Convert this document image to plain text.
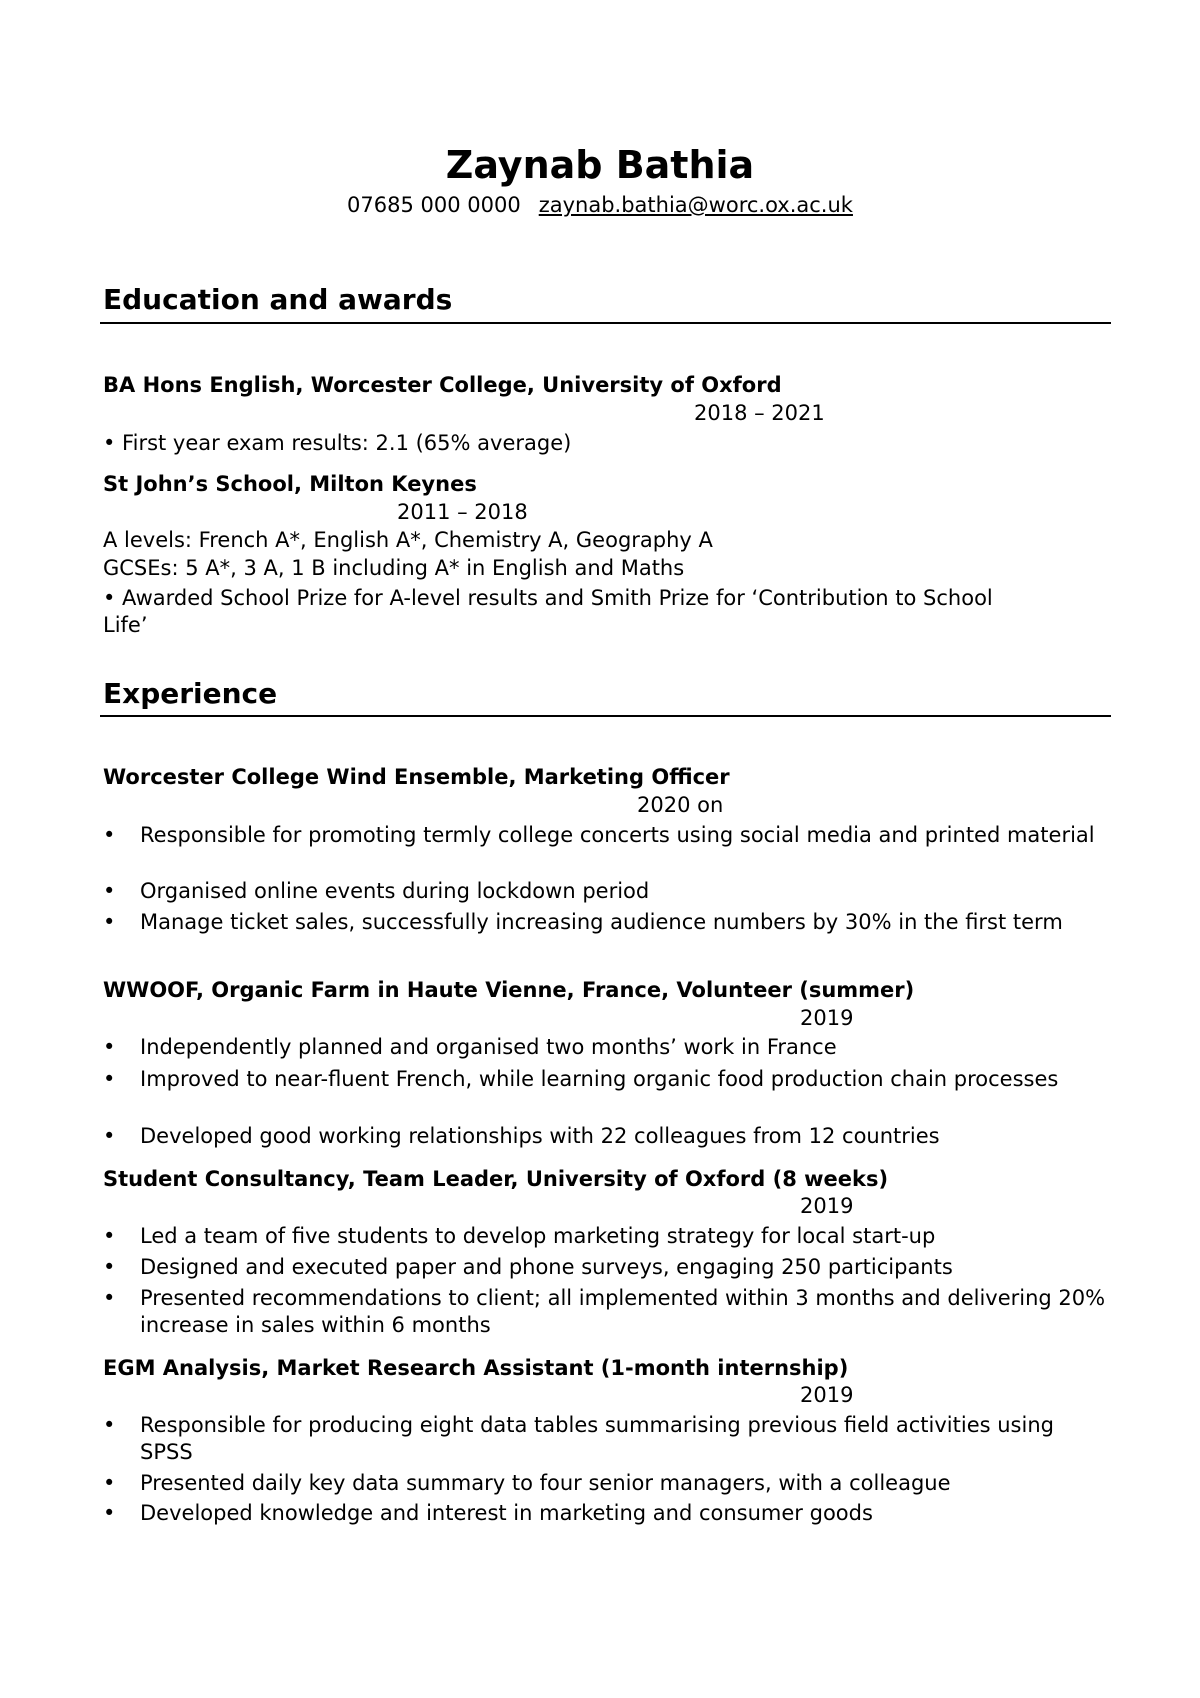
Zaynab Bathia
07685 000 0000 zaynab.bathia@worc.ox.ac.uk
Education and awards
BA Hons English, Worcester College, University of Oxford
2018 – 2021
• First year exam results: 2.1 (65% average)
St John’s School, Milton Keynes
2011 – 2018
A levels: French A*, English A*, Chemistry A, Geography A
GCSEs: 5 A*, 3 A, 1 B including A* in English and Maths
• Awarded School Prize for A-level results and Smith Prize for ‘Contribution to School
Life’
Experience
Worcester College Wind Ensemble, Marketing Officer
2020 on
• Responsible for promoting termly college concerts using social media and printed material
• Organised online events during lockdown period
• Manage ticket sales, successfully increasing audience numbers by 30% in the first term
WWOOF, Organic Farm in Haute Vienne, France, Volunteer (summer)
2019
• Independently planned and organised two months’ work in France
• Improved to near-fluent French, while learning organic food production chain processes
• Developed good working relationships with 22 colleagues from 12 countries
Student Consultancy, Team Leader, University of Oxford (8 weeks)
2019
• Led a team of five students to develop marketing strategy for local start-up
• Designed and executed paper and phone surveys, engaging 250 participants
• Presented recommendations to client; all implemented within 3 months and delivering 20% increase in sales within 6 months
EGM Analysis, Market Research Assistant (1-month internship)
2019
• Responsible for producing eight data tables summarising previous field activities using SPSS
• Presented daily key data summary to four senior managers, with a colleague
• Developed knowledge and interest in marketing and consumer goods
